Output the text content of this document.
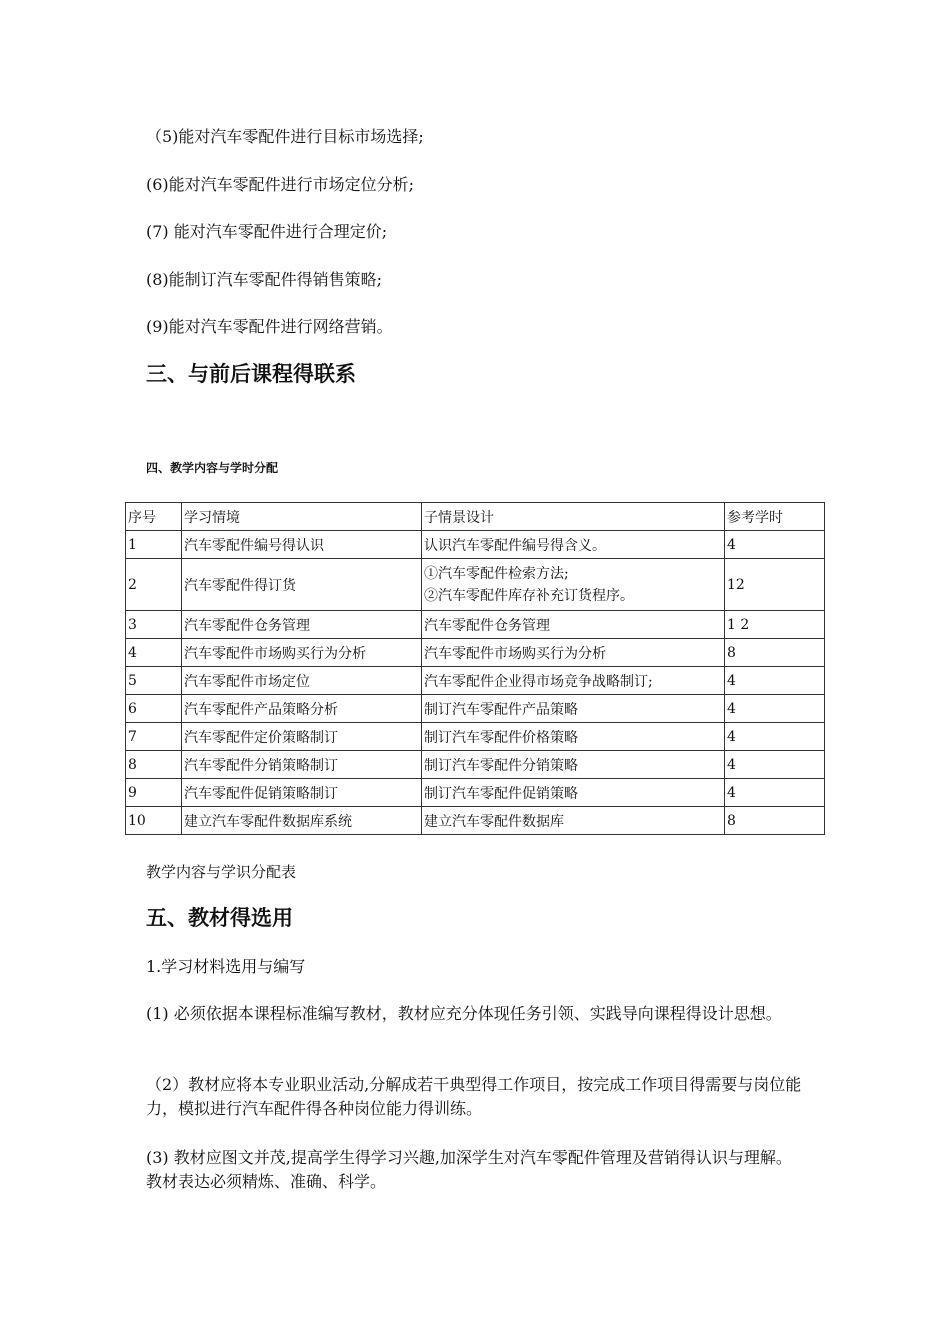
（5)能对汽车零配件进行目标市场选择;
(6)能对汽车零配件进行市场定位分析;
(7) 能对汽车零配件进行合理定价;
(8)能制订汽车零配件得销售策略;
(9)能对汽车零配件进行网络营销。
三、与前后课程得联系
四、教学内容与学时分配
序号	学习情境	子情景设计	参考学时
1	汽车零配件编号得认识	认识汽车零配件编号得含义。	4
2	汽车零配件得订货	①汽车零配件检索方法;
②汽车零配件库存补充订货程序。	12
3	汽车零配件仓务管理	汽车零配件仓务管理	1 2
4	汽车零配件市场购买行为分析	汽车零配件市场购买行为分析	8
5	汽车零配件市场定位	汽车零配件企业得市场竞争战略制订;	4
6	汽车零配件产品策略分析	制订汽车零配件产品策略	4
7	汽车零配件定价策略制订	制订汽车零配件价格策略	4
8	汽车零配件分销策略制订	制订汽车零配件分销策略	4
9	汽车零配件促销策略制订	制订汽车零配件促销策略	4
10	建立汽车零配件数据库系统	建立汽车零配件数据库	8
教学内容与学识分配表
五、教材得选用
1.学习材料选用与编写
(1) 必须依据本课程标准编写教材，教材应充分体现任务引领、实践导向课程得设计思想。
（2）教材应将本专业职业活动,分解成若干典型得工作项目，按完成工作项目得需要与岗位能力，模拟进行汽车配件得各种岗位能力得训练。
(3) 教材应图文并茂,提高学生得学习兴趣,加深学生对汽车零配件管理及营销得认识与理解。教材表达必须精炼、准确、科学。
